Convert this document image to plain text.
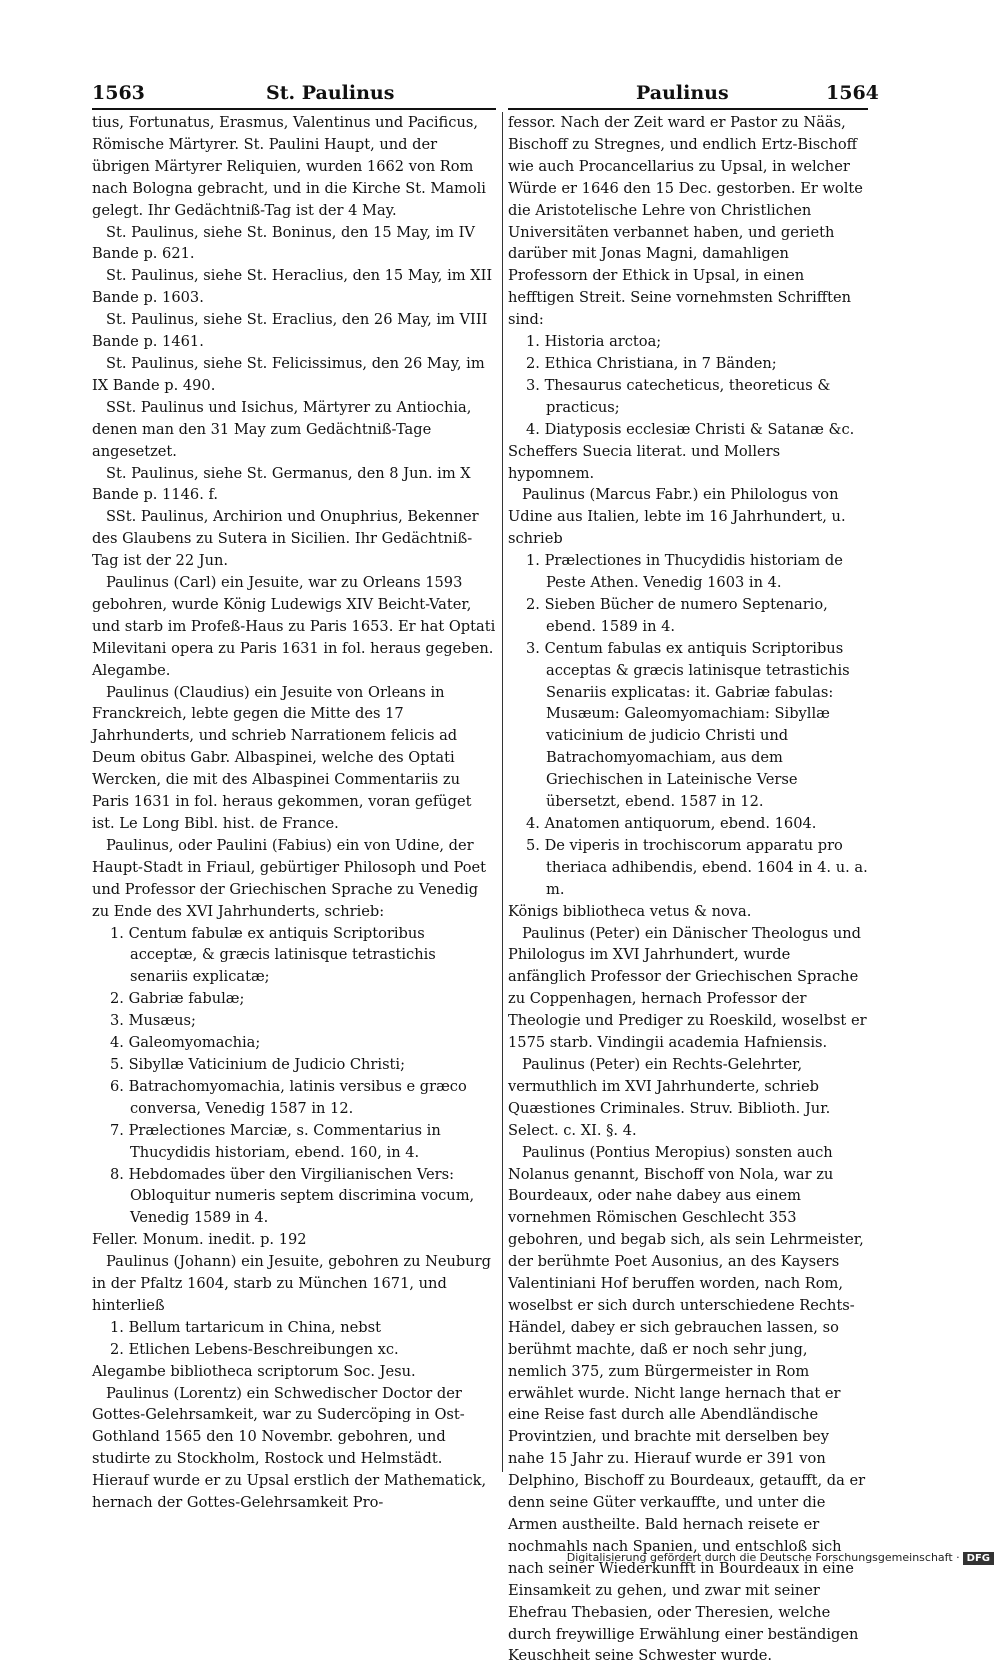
1563	St. Paulinus	Paulinus	1564

tius, Fortunatus, Erasmus, Valentinus und Pacificus, Römische Märtyrer. St. Paulini Haupt, und der übrigen Märtyrer Reliquien, wurden 1662 von Rom nach Bologna gebracht, und in die Kirche St. Mamoli gelegt. Ihr Gedächtniß-Tag ist der 4 May.

St. Paulinus, siehe St. Boninus, den 15 May, im IV Bande p. 621.

St. Paulinus, siehe St. Heraclius, den 15 May, im XII Bande p. 1603.

St. Paulinus, siehe St. Eraclius, den 26 May, im VIII Bande p. 1461.

St. Paulinus, siehe St. Felicissimus, den 26 May, im IX Bande p. 490.

SSt. Paulinus und Isichus, Märtyrer zu Antiochia, denen man den 31 May zum Gedächtniß-Tage angesetzet.

St. Paulinus, siehe St. Germanus, den 8 Jun. im X Bande p. 1146. f.

SSt. Paulinus, Archirion und Onuphrius, Bekenner des Glaubens zu Sutera in Sicilien. Ihr Gedächtniß-Tag ist der 22 Jun.

Paulinus (Carl) ein Jesuite, war zu Orleans 1593 gebohren, wurde König Ludewigs XIV Beicht-Vater, und starb im Profeß-Haus zu Paris 1653. Er hat Optati Milevitani opera zu Paris 1631 in fol. heraus gegeben. Alegambe.

Paulinus (Claudius) ein Jesuite von Orleans in Franckreich, lebte gegen die Mitte des 17 Jahrhunderts, und schrieb Narrationem felicis ad Deum obitus Gabr. Albaspinei, welche des Optati Wercken, die mit des Albaspinei Commentariis zu Paris 1631 in fol. heraus gekommen, voran gefüget ist. Le Long Bibl. hist. de France.

Paulinus, oder Paulini (Fabius) ein von Udine, der Haupt-Stadt in Friaul, gebürtiger Philosoph und Poet und Professor der Griechischen Sprache zu Venedig zu Ende des XVI Jahrhunderts, schrieb:

1. Centum fabulæ ex antiquis Scriptoribus acceptæ, & græcis latinisque tetrastichis senariis explicatæ;
2. Gabriæ fabulæ;
3. Musæus;
4. Galeomyomachia;
5. Sibyllæ Vaticinium de Judicio Christi;
6. Batrachomyomachia, latinis versibus e græco conversa, Venedig 1587 in 12.
7. Prælectiones Marciæ, s. Commentarius in Thucydidis historiam, ebend. 160, in 4.
8. Hebdomades über den Virgilianischen Vers: Obloquitur numeris septem discrimina vocum, Venedig 1589 in 4.

Feller. Monum. inedit. p. 192

Paulinus (Johann) ein Jesuite, gebohren zu Neuburg in der Pfaltz 1604, starb zu München 1671, und hinterließ

1. Bellum tartaricum in China, nebst
2. Etlichen Lebens-Beschreibungen xc.

Alegambe bibliotheca scriptorum Soc. Jesu.

Paulinus (Lorentz) ein Schwedischer Doctor der Gottes-Gelehrsamkeit, war zu Sudercöping in Ost-Gothland 1565 den 10 Novembr. gebohren, und studirte zu Stockholm, Rostock und Helmstädt. Hierauf wurde er zu Upsal erstlich der Mathematick, hernach der Gottes-Gelehrsamkeit Pro-

fessor. Nach der Zeit ward er Pastor zu Nääs, Bischoff zu Stregnes, und endlich Ertz-Bischoff wie auch Procancellarius zu Upsal, in welcher Würde er 1646 den 15 Dec. gestorben. Er wolte die Aristotelische Lehre von Christlichen Universitäten verbannet haben, und gerieth darüber mit Jonas Magni, damahligen Professorn der Ethick in Upsal, in einen hefftigen Streit. Seine vornehmsten Schrifften sind:

1. Historia arctoa;
2. Ethica Christiana, in 7 Bänden;
3. Thesaurus catecheticus, theoreticus & practicus;
4. Diatyposis ecclesiæ Christi & Satanæ &c.

Scheffers Suecia literat. und Mollers hypomnem.

Paulinus (Marcus Fabr.) ein Philologus von Udine aus Italien, lebte im 16 Jahrhundert, u. schrieb

1. Prælectiones in Thucydidis historiam de Peste Athen. Venedig 1603 in 4.
2. Sieben Bücher de numero Septenario, ebend. 1589 in 4.
3. Centum fabulas ex antiquis Scriptoribus acceptas & græcis latinisque tetrastichis Senariis explicatas: it. Gabriæ fabulas: Musæum: Galeomyomachiam: Sibyllæ vaticinium de judicio Christi und Batrachomyomachiam, aus dem Griechischen in Lateinische Verse übersetzt, ebend. 1587 in 12.
4. Anatomen antiquorum, ebend. 1604.
5. De viperis in trochiscorum apparatu pro theriaca adhibendis, ebend. 1604 in 4. u. a. m.

Königs bibliotheca vetus & nova.

Paulinus (Peter) ein Dänischer Theologus und Philologus im XVI Jahrhundert, wurde anfänglich Professor der Griechischen Sprache zu Coppenhagen, hernach Professor der Theologie und Prediger zu Roeskild, woselbst er 1575 starb. Vindingii academia Hafniensis.

Paulinus (Peter) ein Rechts-Gelehrter, vermuthlich im XVI Jahrhunderte, schrieb Quæstiones Criminales. Struv. Biblioth. Jur. Select. c. XI. §. 4.

Paulinus (Pontius Meropius) sonsten auch Nolanus genannt, Bischoff von Nola, war zu Bourdeaux, oder nahe dabey aus einem vornehmen Römischen Geschlecht 353 gebohren, und begab sich, als sein Lehrmeister, der berühmte Poet Ausonius, an des Kaysers Valentiniani Hof beruffen worden, nach Rom, woselbst er sich durch unterschiedene Rechts-Händel, dabey er sich gebrauchen lassen, so berühmt machte, daß er noch sehr jung, nemlich 375, zum Bürgermeister in Rom erwählet wurde. Nicht lange hernach that er eine Reise fast durch alle Abendländische Provintzien, und brachte mit derselben bey nahe 15 Jahr zu. Hierauf wurde er 391 von Delphino, Bischoff zu Bourdeaux, getaufft, da er denn seine Güter verkauffte, und unter die Armen austheilte. Bald hernach reisete er nochmahls nach Spanien, und entschloß sich nach seiner Wiederkunfft in Bourdeaux in eine Einsamkeit zu gehen, und zwar mit seiner Ehefrau Thebasien, oder Theresien, welche durch freywillige Erwählung einer beständigen Keuschheit seine Schwester wurde.

Digitalisierung gefördert durch die Deutsche Forschungsgemeinschaft · DFG
